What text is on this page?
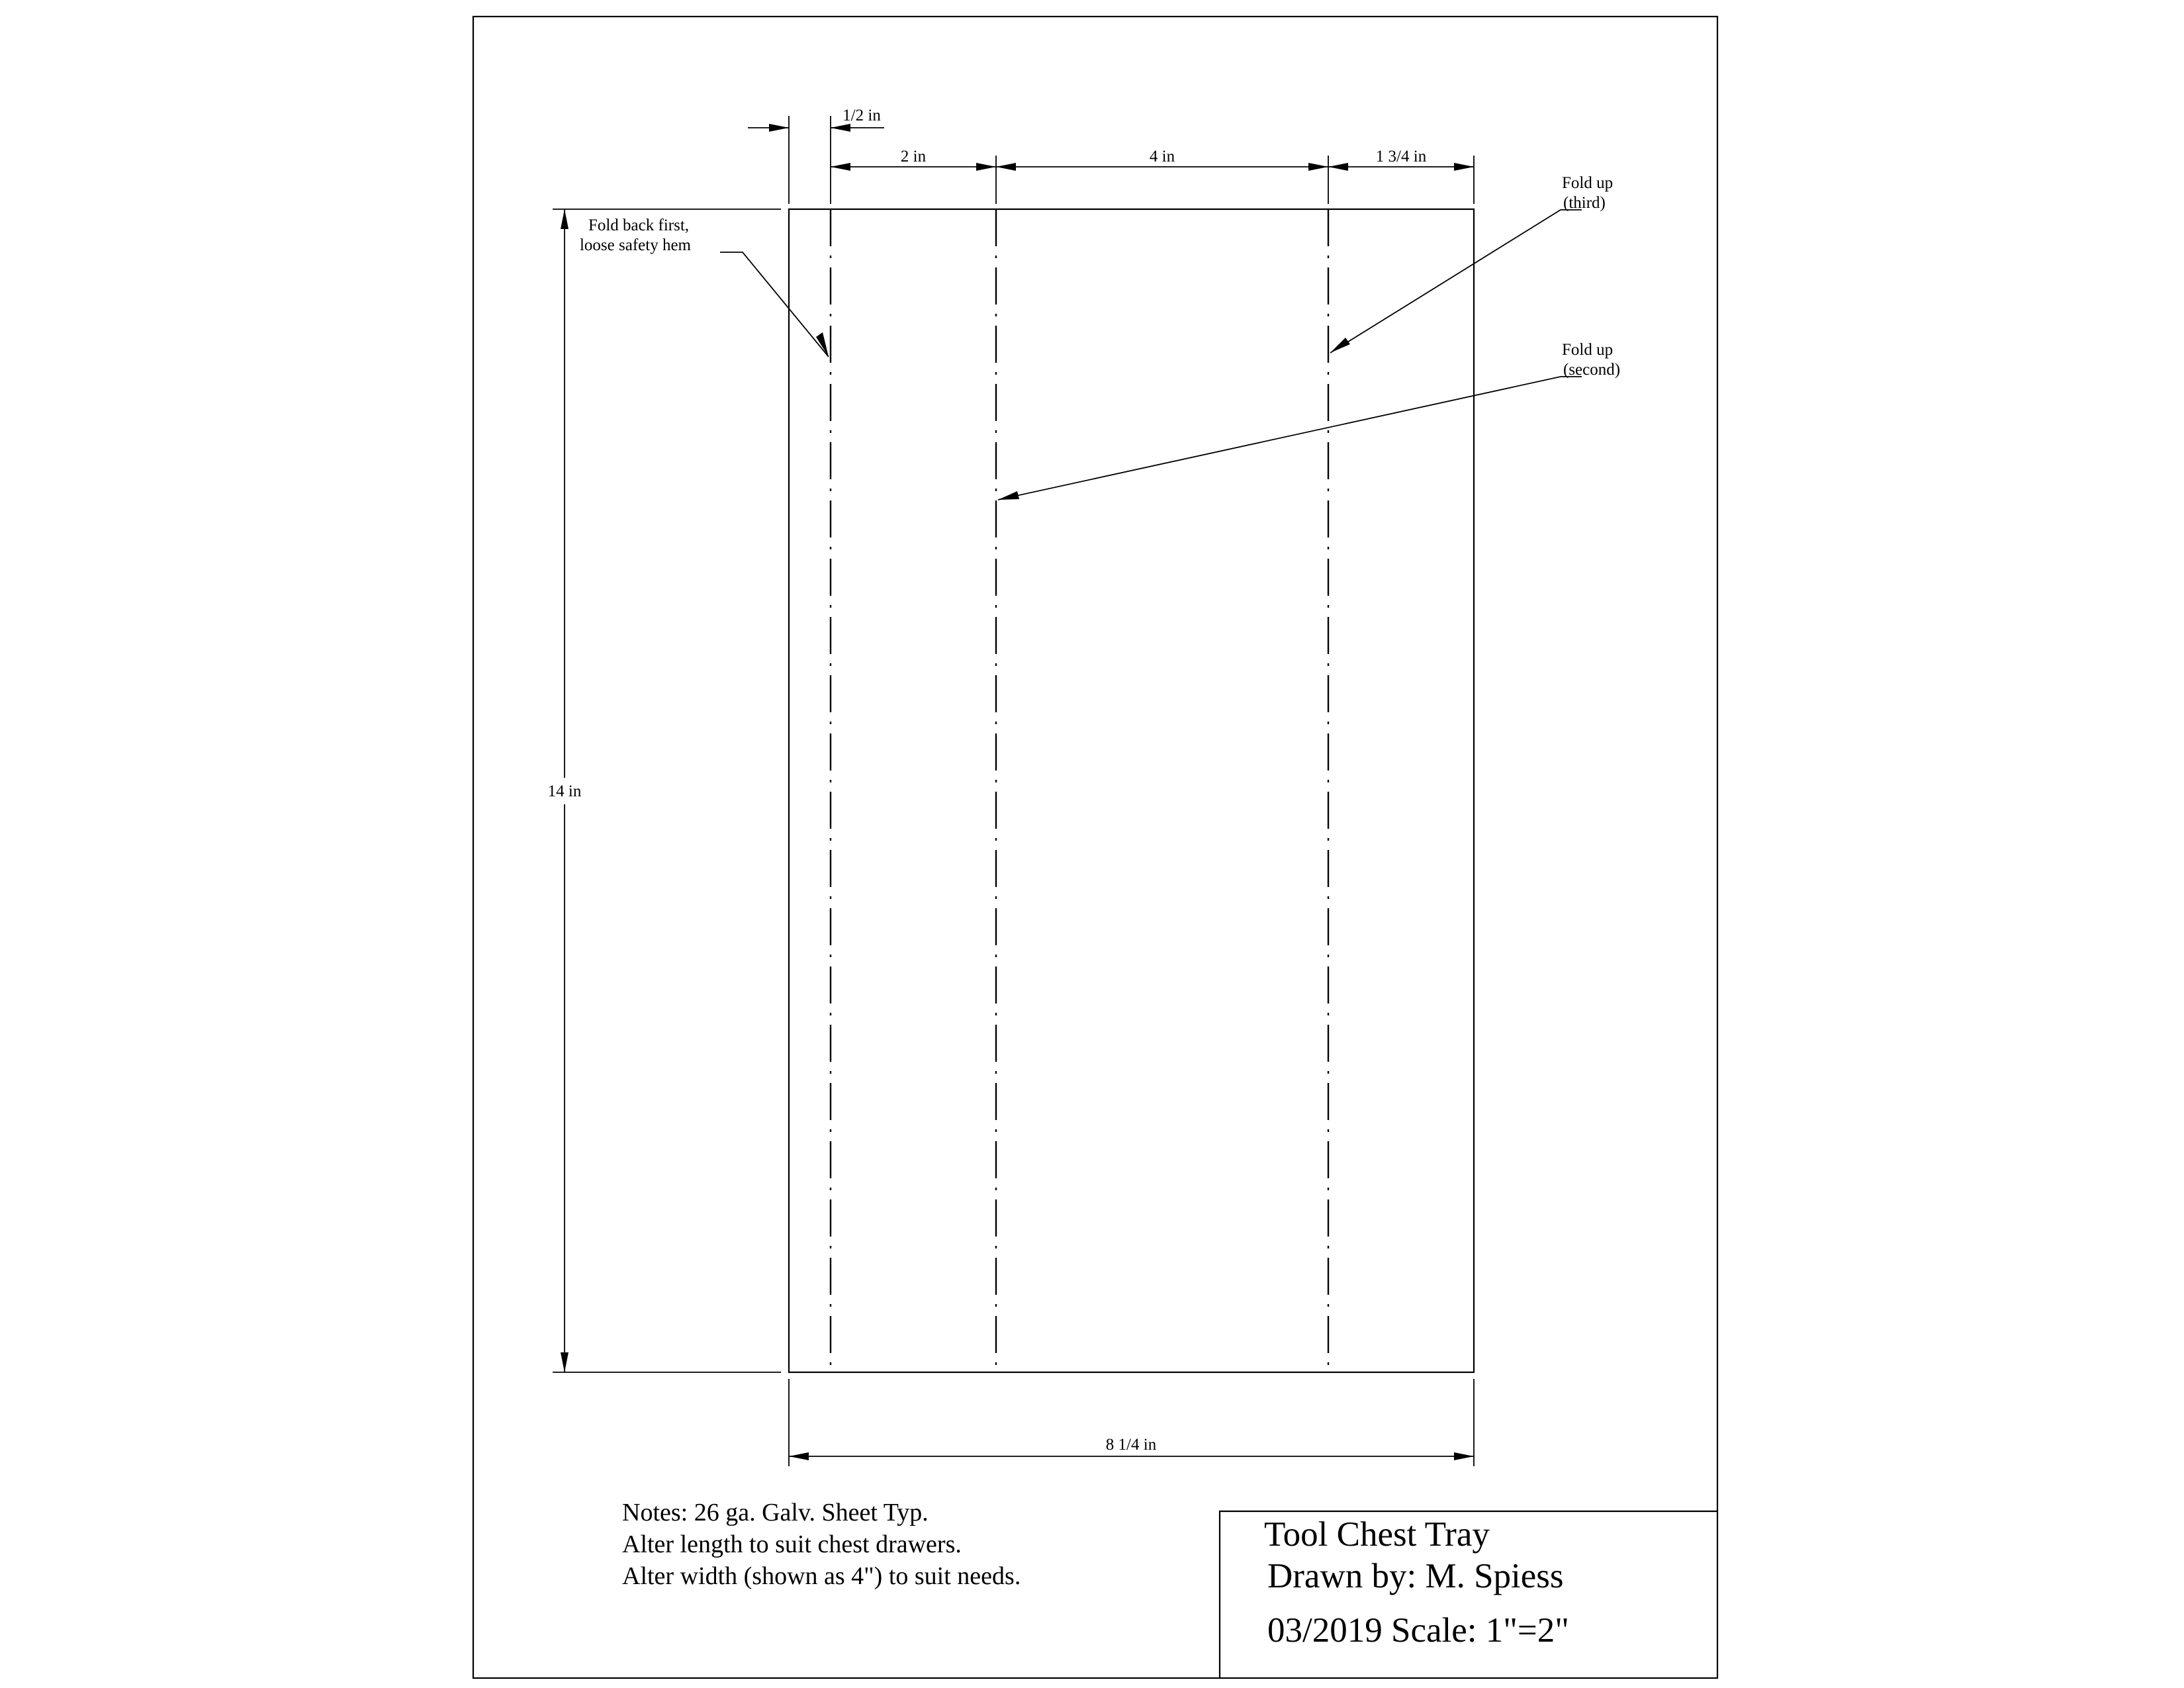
Tool Chest Tray
Drawn by: M. Spiess
03/2019 Scale: 1"=2"
Notes: 26 ga. Galv. Sheet Typ.
Alter length to suit chest drawers.
Alter width (shown as 4") to suit needs.
1/2 in
2 in	4 in	1 3/4 in
14 in
8 1/4 in
Fold back first,
loose safety hem
Fold up
(third)
Fold up
(second)
